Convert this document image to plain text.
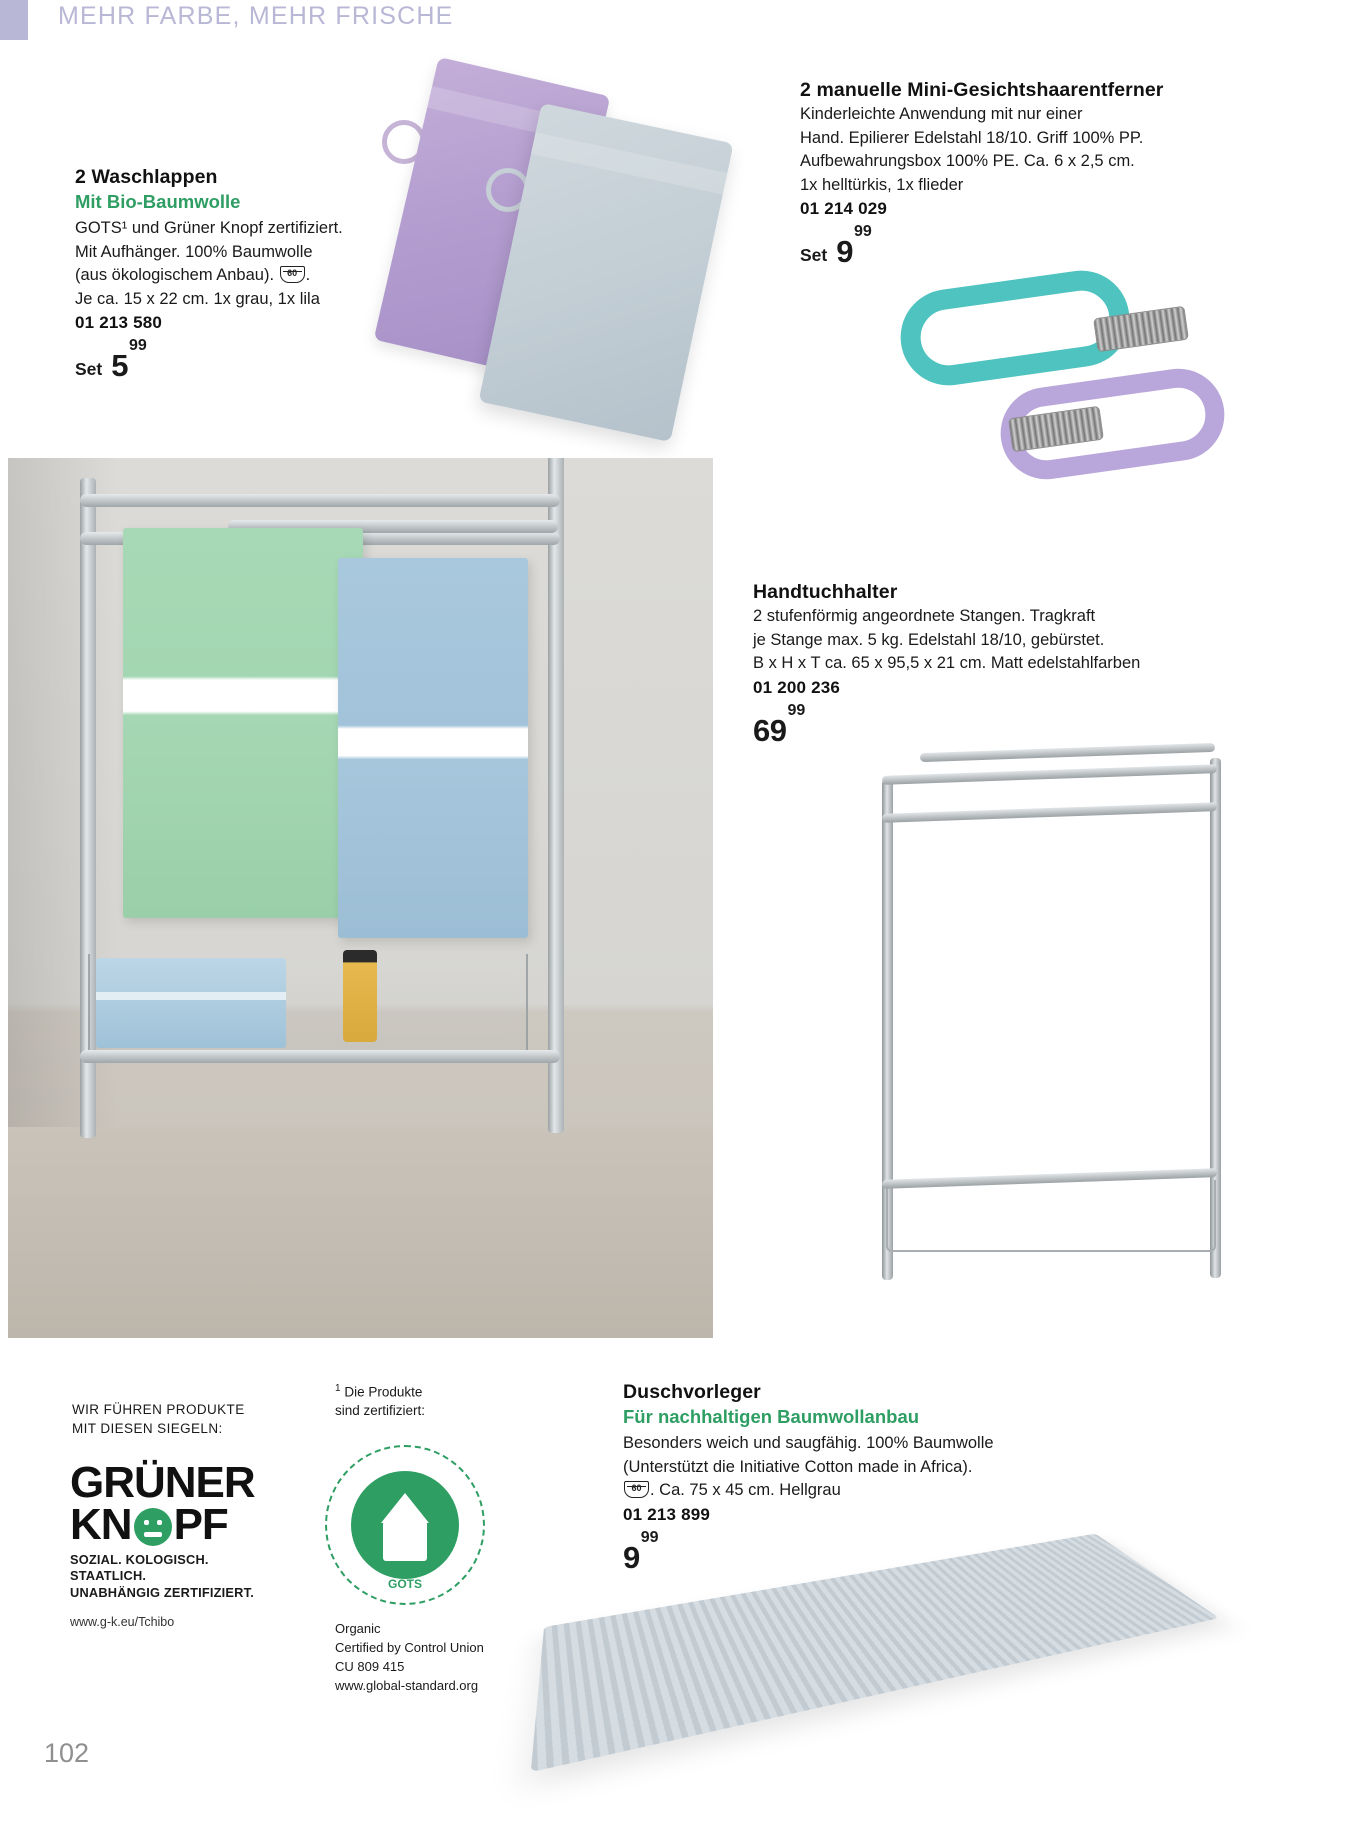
MEHR FARBE, MEHR FRISCHE

2 Waschlappen

Mit Bio-Baumwolle

GOTS¹ und Grüner Knopf zertifiziert.

Mit Aufhänger. 100% Baumwolle

(aus ökologischem Anbau). 60 .

Je ca. 15 x 22 cm. 1x grau, 1x lila

01 213 580

Set 5
99

2 manuelle Mini-Gesichtshaarentferner

Kinderleichte Anwendung mit nur einer

Hand. Epilierer Edelstahl 18/10. Griff 100% PP.

Aufbewahrungsbox 100% PE. Ca. 6 x 2,5 cm.

1x helltürkis, 1x flieder

01 214 029

Set 9
99

Handtuchhalter

2 stufenförmig angeordnete Stangen. Tragkraft

je Stange max. 5 kg. Edelstahl 18/10, gebürstet.

B x H x T ca. 65 x 95,5 x 21 cm. Matt edelstahlfarben

01 200 236

69
99
WIR FÜHREN PRODUKTE
MIT DIESEN SIEGELN:
GRÜNER
KN PF
SOZIAL. KOLOGISCH. STAATLICH.
UNABHÄNGIG ZERTIFIZIERT.
www.g-k.eu/Tchibo
$^1$ Die Produkte
sind zertifiziert:
GOTS
Organic
Certified by Control Union
CU 809 415
www.global-standard.org

Duschvorleger

Für nachhaltigen Baumwollanbau

Besonders weich und saugfähig. 100% Baumwolle

(Unterstützt die Initiative Cotton made in Africa).

60. Ca. 75 x 45 cm. Hellgrau

01 213 899

9
99
102
